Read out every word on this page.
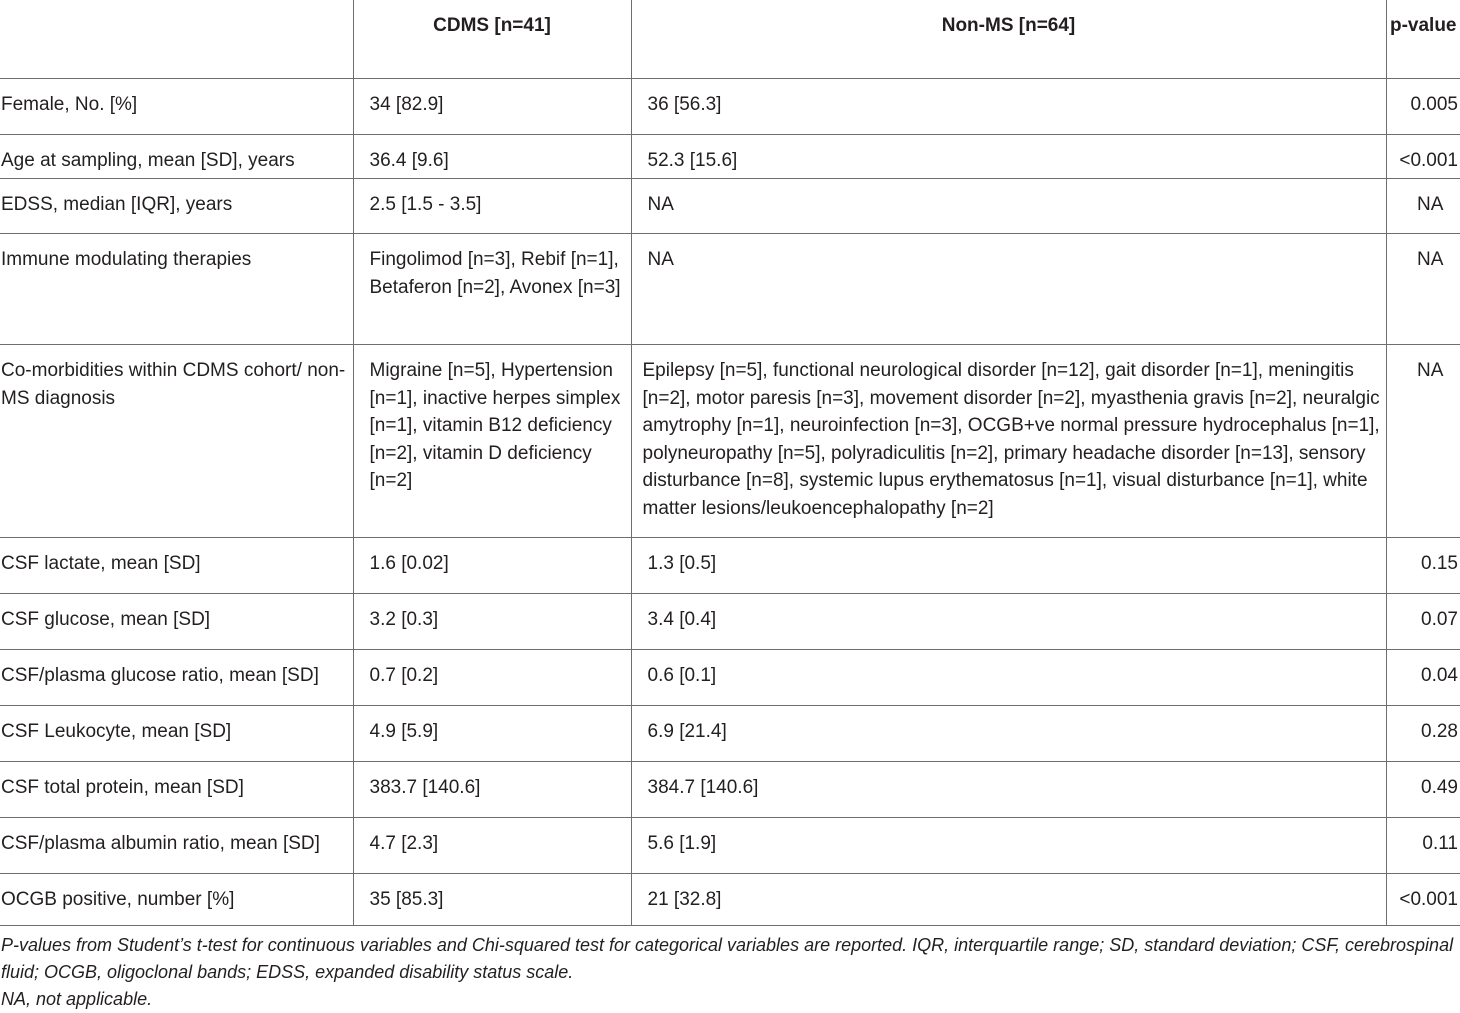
	CDMS [n=41]	Non-MS [n=64]	p-value
Female, No. [%]	34 [82.9]	36 [56.3]	0.005
Age at sampling, mean [SD], years	36.4 [9.6]	52.3 [15.6]	<0.001
EDSS, median [IQR], years	2.5 [1.5 - 3.5]	NA	NA
Immune modulating therapies	Fingolimod [n=3], Rebif [n=1], Betaferon [n=2], Avonex [n=3]	NA	NA
Co-morbidities within CDMS cohort/ non-MS diagnosis	Migraine [n=5], Hypertension [n=1], inactive herpes simplex [n=1], vitamin B12 deficiency [n=2], vitamin D deficiency [n=2]	Epilepsy [n=5], functional neurological disorder [n=12], gait disorder [n=1], meningitis [n=2], motor paresis [n=3], movement disorder [n=2], myasthenia gravis [n=2], neuralgic amytrophy [n=1], neuroinfection [n=3], OCGB+ve normal pressure hydrocephalus [n=1], polyneuropathy [n=5], polyradiculitis [n=2], primary headache disorder [n=13], sensory disturbance [n=8], systemic lupus erythematosus [n=1], visual disturbance [n=1], white matter lesions/leukoencephalopathy [n=2]	NA
CSF lactate, mean [SD]	1.6 [0.02]	1.3 [0.5]	0.15
CSF glucose, mean [SD]	3.2 [0.3]	3.4 [0.4]	0.07
CSF/plasma glucose ratio, mean [SD]	0.7 [0.2]	0.6 [0.1]	0.04
CSF Leukocyte, mean [SD]	4.9 [5.9]	6.9 [21.4]	0.28
CSF total protein, mean [SD]	383.7 [140.6]	384.7 [140.6]	0.49
CSF/plasma albumin ratio, mean [SD]	4.7 [2.3]	5.6 [1.9]	0.11
OCGB positive, number [%]	35 [85.3]	21 [32.8]	<0.001

P-values from Student’s t-test for continuous variables and Chi-squared test for categorical variables are reported. IQR, interquartile range; SD, standard deviation; CSF, cerebrospinal fluid; OCGB, oligoclonal bands; EDSS, expanded disability status scale.

NA, not applicable.
